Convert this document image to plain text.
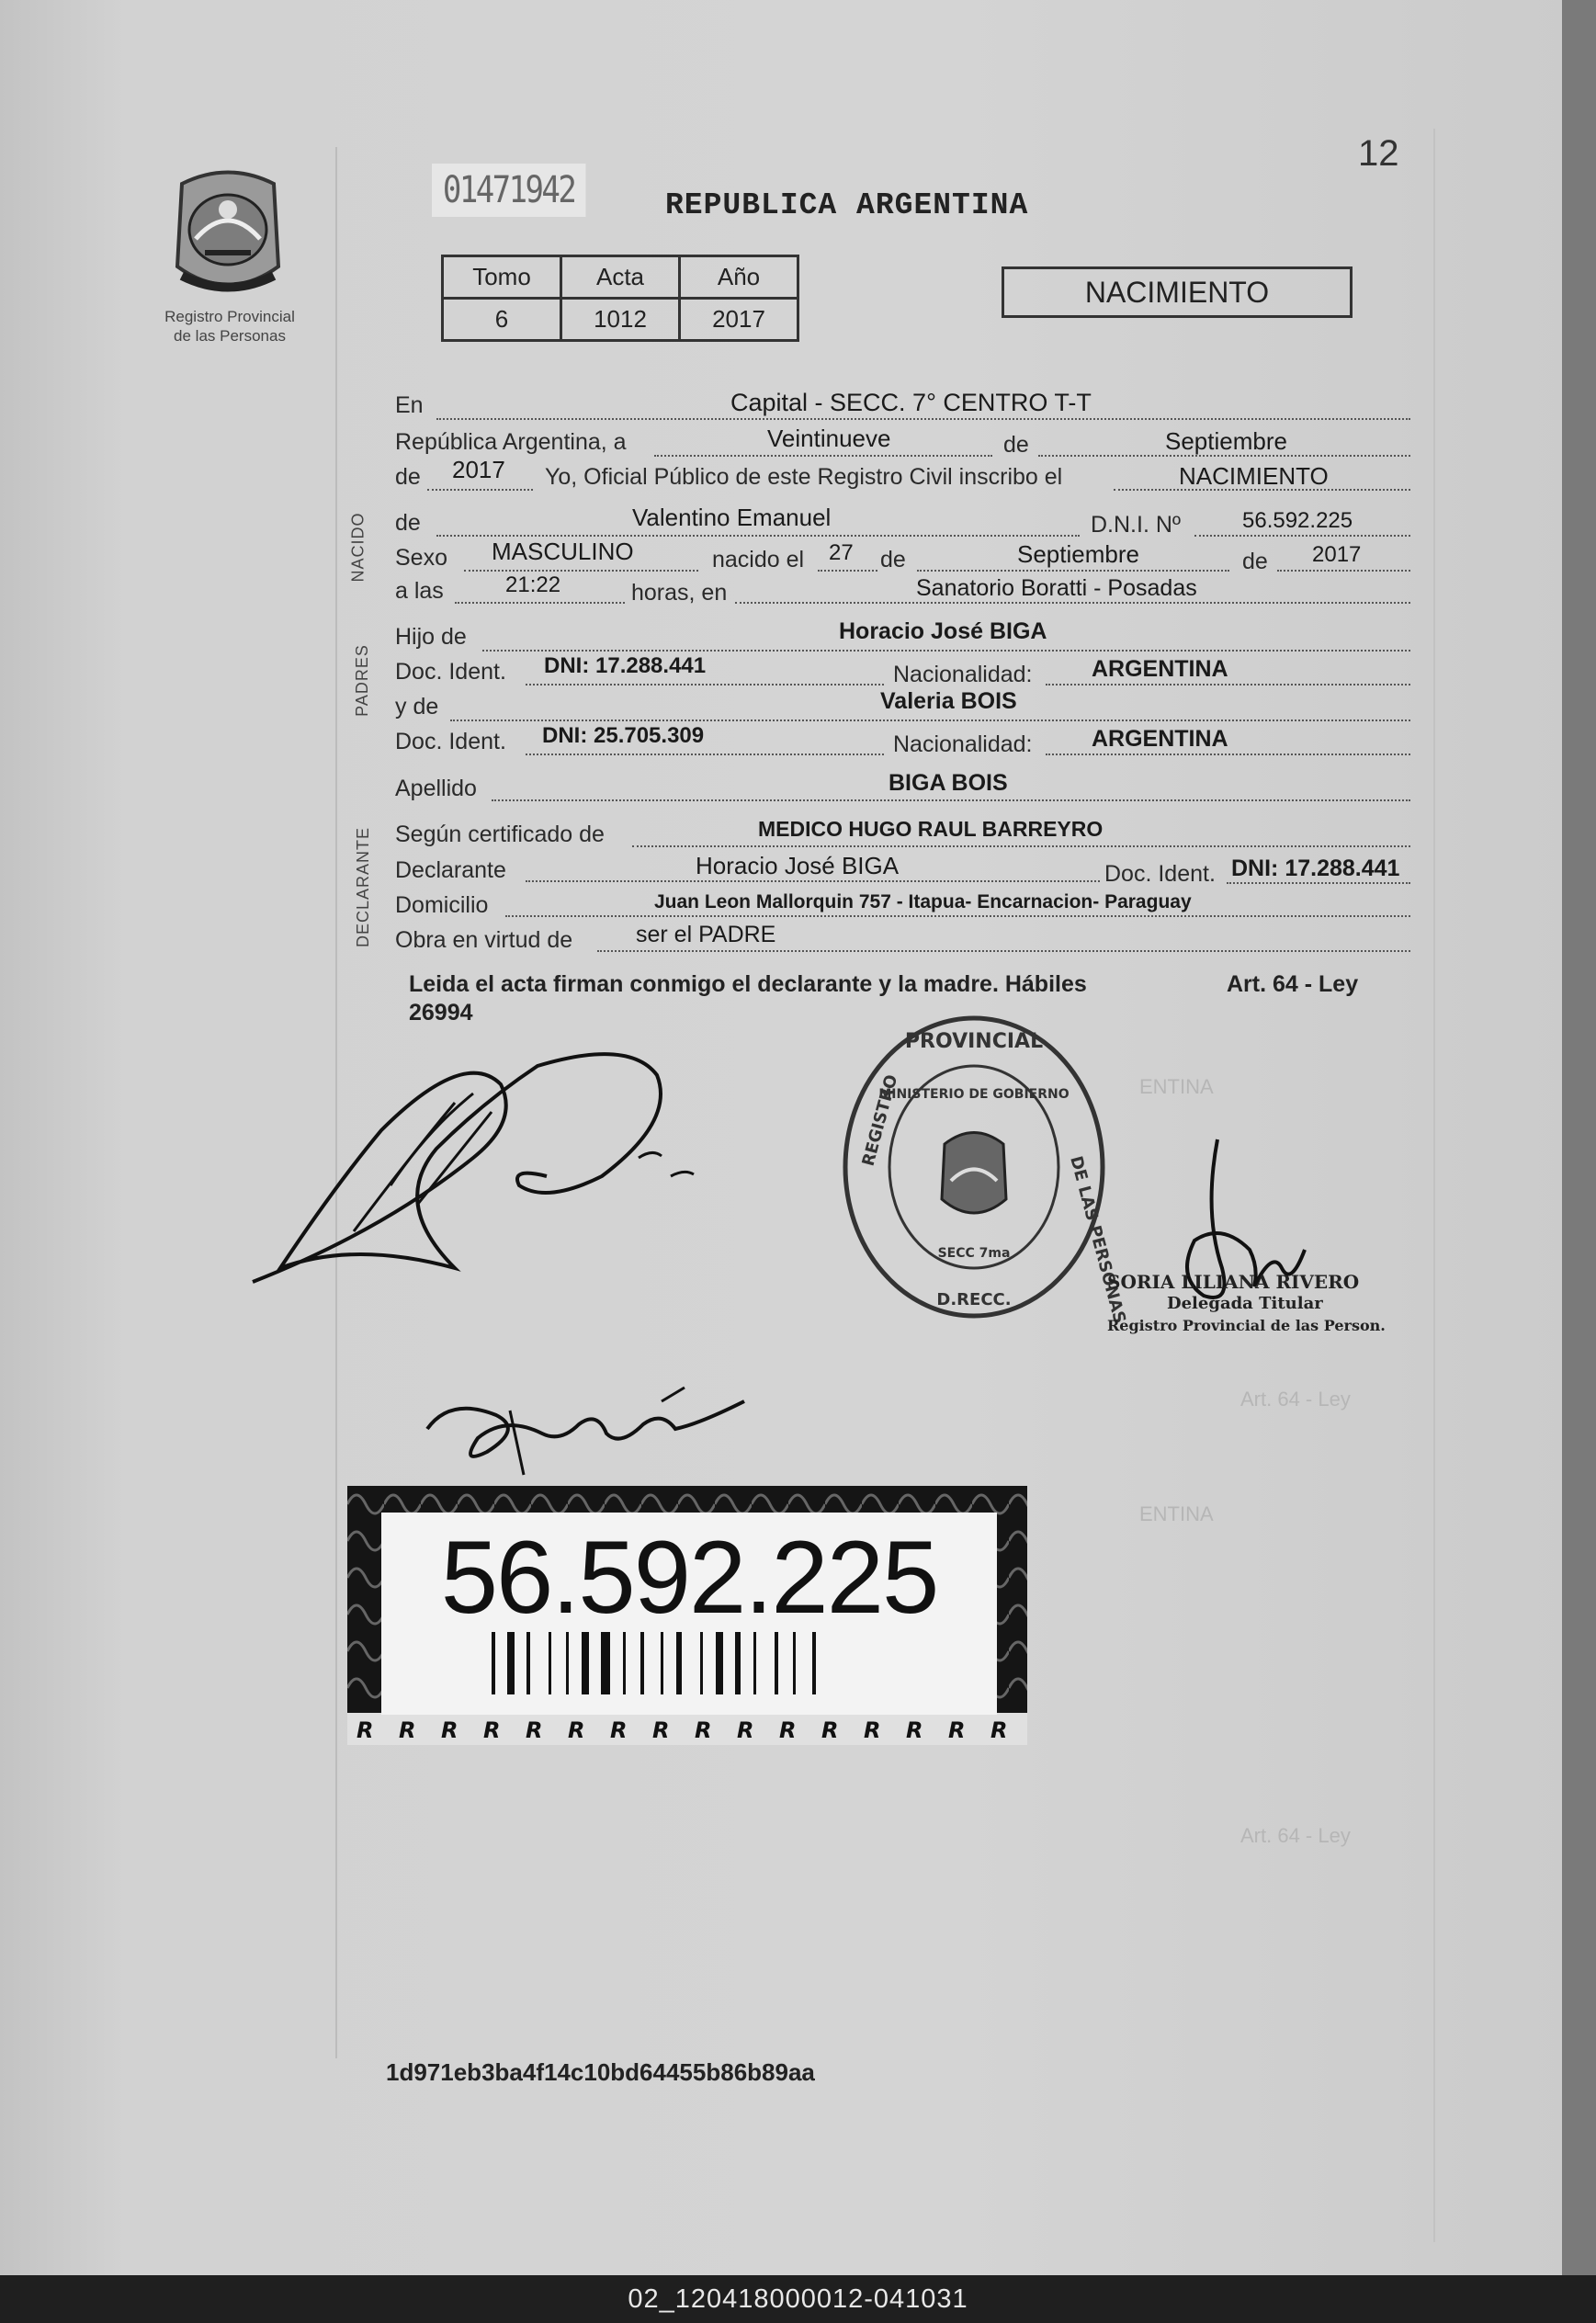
ENTINA
Art. 64 - Ley
ENTINA
Art. 64 - Ley
Registro Provincial
de las Personas
01471942	REPUBLICA ARGENTINA
12
Tomo	Acta	Año
6	1012	2017
NACIMIENTO
En	Capital - SECC. 7° CENTRO T-T
República Argentina, a	Veintinueve	de	Septiembre
de 2017 Yo, Oficial Público de este Registro Civil inscribo el	NACIMIENTO
NACIDO de	Valentino Emanuel	D.N.I. Nº	56.592.225
Sexo MASCULINO	nacido el 27 de	Septiembre	de 2017
a las	21:22	horas, en	Sanatorio Boratti - Posadas
PADRES
Hijo de	Horacio José BIGA
Doc. Ident. DNI: 17.288.441	Nacionalidad:	ARGENTINA
y de	Valeria BOIS
Doc. Ident. DNI: 25.705.309	Nacionalidad:	ARGENTINA
Apellido	BIGA BOIS
DECLARANTE Según certificado de	MEDICO HUGO RAUL BARREYRO
Declarante	Horacio José BIGA	Doc. Ident. DNI: 17.288.441
Domicilio	Juan Leon Mallorquin 757 - Itapua- Encarnacion- Paraguay
Obra en virtud de	ser el PADRE
Leida el acta firman conmigo el declarante y la madre. Hábiles	Art. 64 - Ley
26994
PROVINCIAL
REGISTRO
DE LAS PERSONAS
D.RECC.
MINISTERIO DE GOBIERNO
SECC 7ma
SORIA LILIANA RIVERO
Delegada Titular
Registro Provincial de las Person.
R R R R R R R R R R R R R R R R
56.592.225
1d971eb3ba4f14c10bd64455b86b89aa
02_120418000012-041031
